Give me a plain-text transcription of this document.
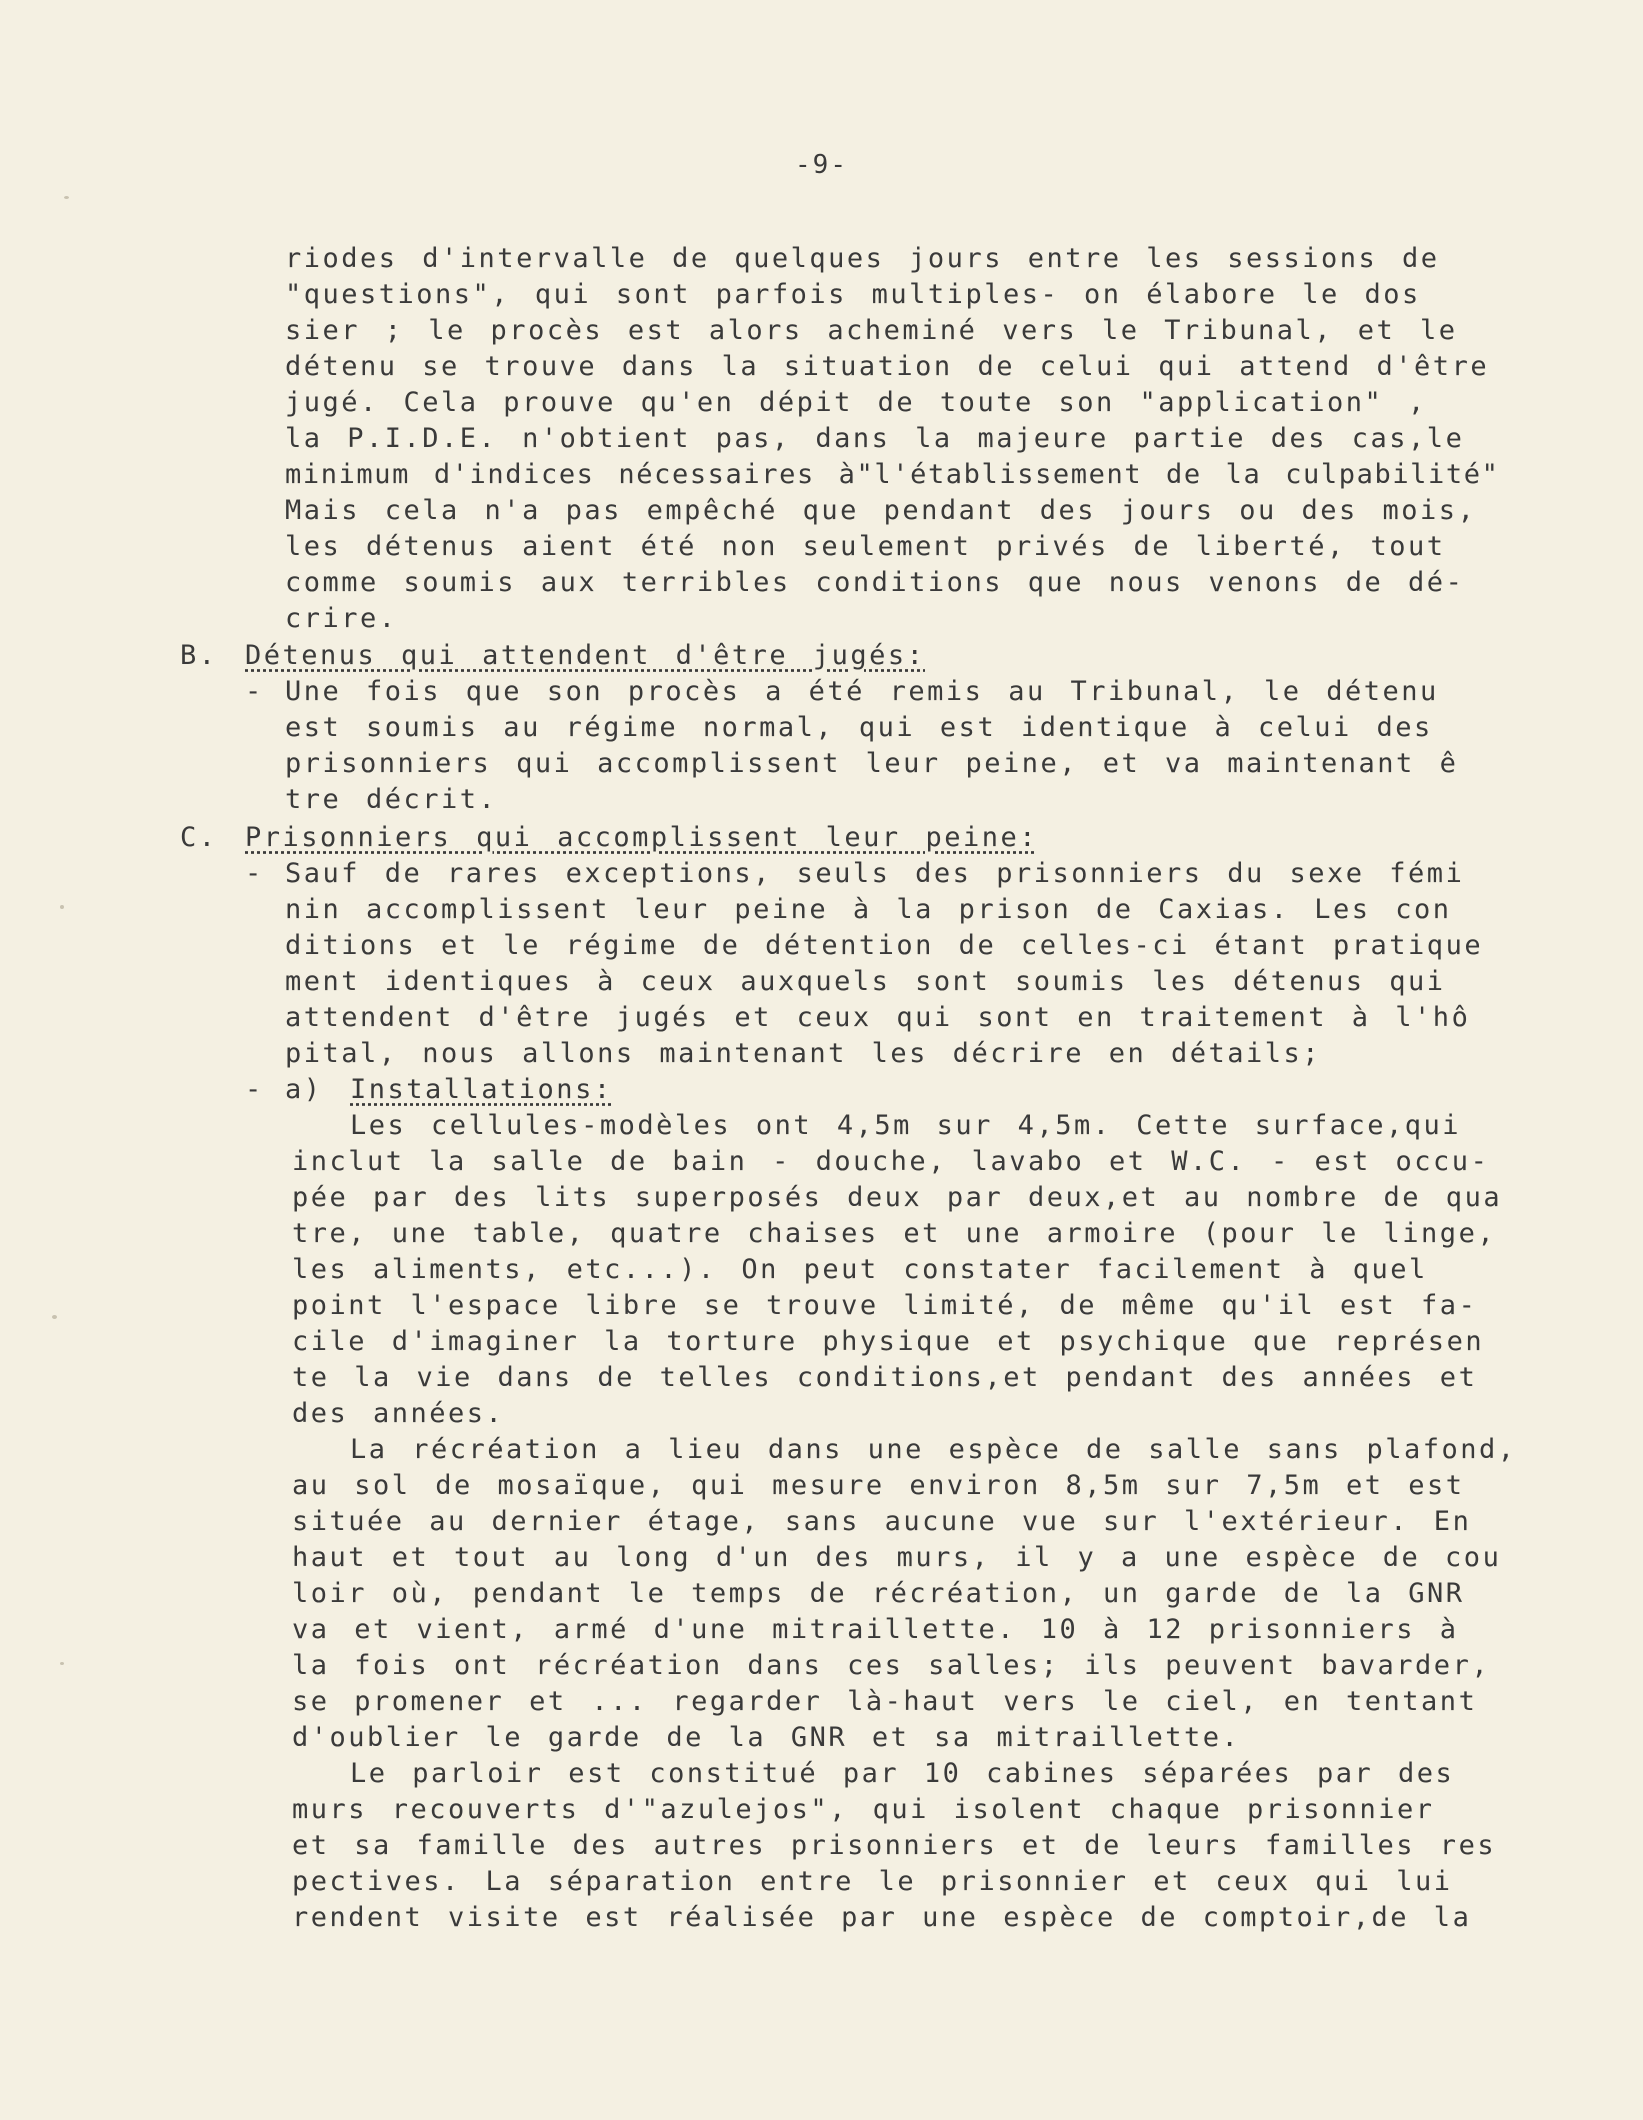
-9-
riodes d'intervalle de quelques jours entre les sessions de
"questions", qui sont parfois multiples- on élabore le dos
sier ; le procès est alors acheminé vers le Tribunal, et le
détenu se trouve dans la situation de celui qui attend d'être
jugé. Cela prouve qu'en dépit de toute son "application" ,
la P.I.D.E. n'obtient pas, dans la majeure partie des cas,le
minimum d'indices nécessaires à"l'établissement de la culpabilité"
Mais cela n'a pas empêché que pendant des jours ou des mois,
les détenus aient été non seulement privés de liberté, tout
comme soumis aux terribles conditions que nous venons de dé-
crire.
B. Détenus qui attendent d'être jugés:
- Une fois que son procès a été remis au Tribunal, le détenu
est soumis au régime normal, qui est identique à celui des
prisonniers qui accomplissent leur peine, et va maintenant ê
tre décrit.
C. Prisonniers qui accomplissent leur peine:
- Sauf de rares exceptions, seuls des prisonniers du sexe fémi
nin accomplissent leur peine à la prison de Caxias. Les con
ditions et le régime de détention de celles-ci étant pratique
ment identiques à ceux auxquels sont soumis les détenus qui
attendent d'être jugés et ceux qui sont en traitement à l'hô
pital, nous allons maintenant les décrire en détails;
- a) Installations:
Les cellules-modèles ont 4,5m sur 4,5m. Cette surface,qui
inclut la salle de bain - douche, lavabo et W.C. - est occu-
pée par des lits superposés deux par deux,et au nombre de qua
tre, une table, quatre chaises et une armoire (pour le linge,
les aliments, etc...). On peut constater facilement à quel
point l'espace libre se trouve limité, de même qu'il est fa-
cile d'imaginer la torture physique et psychique que représen
te la vie dans de telles conditions,et pendant des années et
des années.
La récréation a lieu dans une espèce de salle sans plafond,
au sol de mosaïque, qui mesure environ 8,5m sur 7,5m et est
située au dernier étage, sans aucune vue sur l'extérieur. En
haut et tout au long d'un des murs, il y a une espèce de cou
loir où, pendant le temps de récréation, un garde de la GNR
va et vient, armé d'une mitraillette. 10 à 12 prisonniers à
la fois ont récréation dans ces salles; ils peuvent bavarder,
se promener et ... regarder là-haut vers le ciel, en tentant
d'oublier le garde de la GNR et sa mitraillette.
Le parloir est constitué par 10 cabines séparées par des
murs recouverts d'"azulejos", qui isolent chaque prisonnier
et sa famille des autres prisonniers et de leurs familles res
pectives. La séparation entre le prisonnier et ceux qui lui
rendent visite est réalisée par une espèce de comptoir,de la
